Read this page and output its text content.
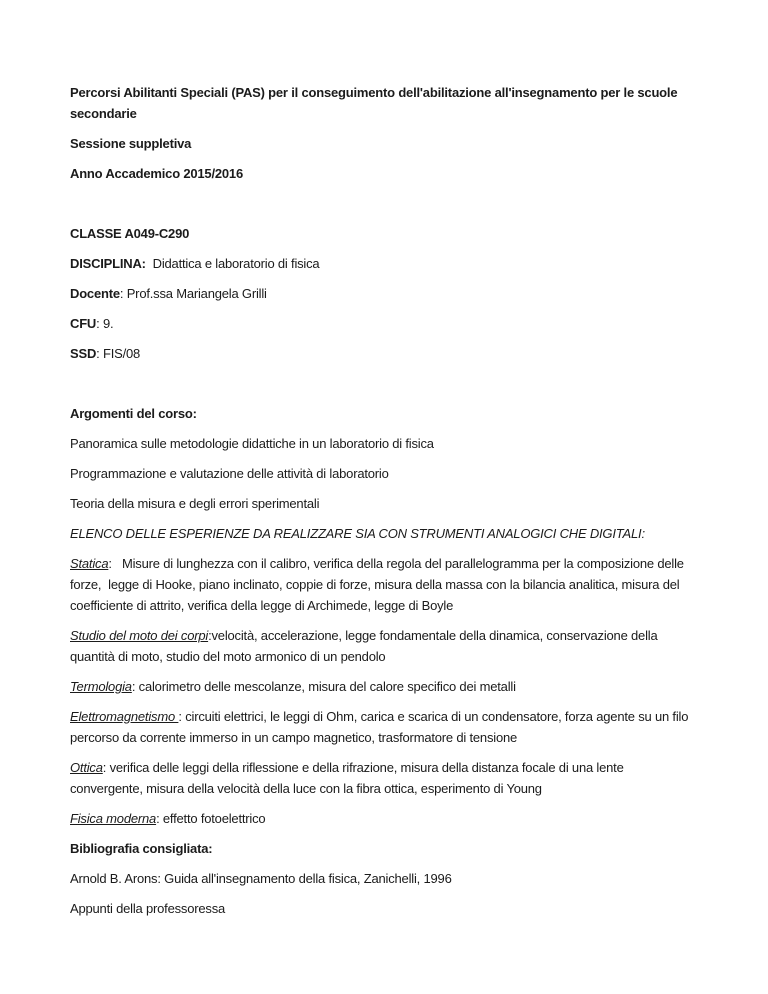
Percorsi Abilitanti Speciali (PAS) per il conseguimento dell'abilitazione all'insegnamento per le scuole secondarie

Sessione suppletiva

Anno Accademico 2015/2016

CLASSE A049-C290

DISCIPLINA:  Didattica e laboratorio di fisica

Docente: Prof.ssa Mariangela Grilli

CFU: 9.

SSD: FIS/08

Argomenti del corso:

Panoramica sulle metodologie didattiche in un laboratorio di fisica

Programmazione e valutazione delle attività di laboratorio

Teoria della misura e degli errori sperimentali

ELENCO DELLE ESPERIENZE DA REALIZZARE SIA CON STRUMENTI ANALOGICI CHE DIGITALI:

Statica:   Misure di lunghezza con il calibro, verifica della regola del parallelogramma per la composizione delle forze,  legge di Hooke, piano inclinato, coppie di forze, misura della massa con la bilancia analitica, misura del coefficiente di attrito, verifica della legge di Archimede, legge di Boyle

Studio del moto dei corpi:velocità, accelerazione, legge fondamentale della dinamica, conservazione della quantità di moto, studio del moto armonico di un pendolo

Termologia: calorimetro delle mescolanze, misura del calore specifico dei metalli

Elettromagnetismo : circuiti elettrici, le leggi di Ohm, carica e scarica di un condensatore, forza agente su un filo percorso da corrente immerso in un campo magnetico, trasformatore di tensione

Ottica: verifica delle leggi della riflessione e della rifrazione, misura della distanza focale di una lente convergente, misura della velocità della luce con la fibra ottica, esperimento di Young

Fisica moderna: effetto fotoelettrico

Bibliografia consigliata:

Arnold B. Arons: Guida all'insegnamento della fisica, Zanichelli, 1996

Appunti della professoressa
